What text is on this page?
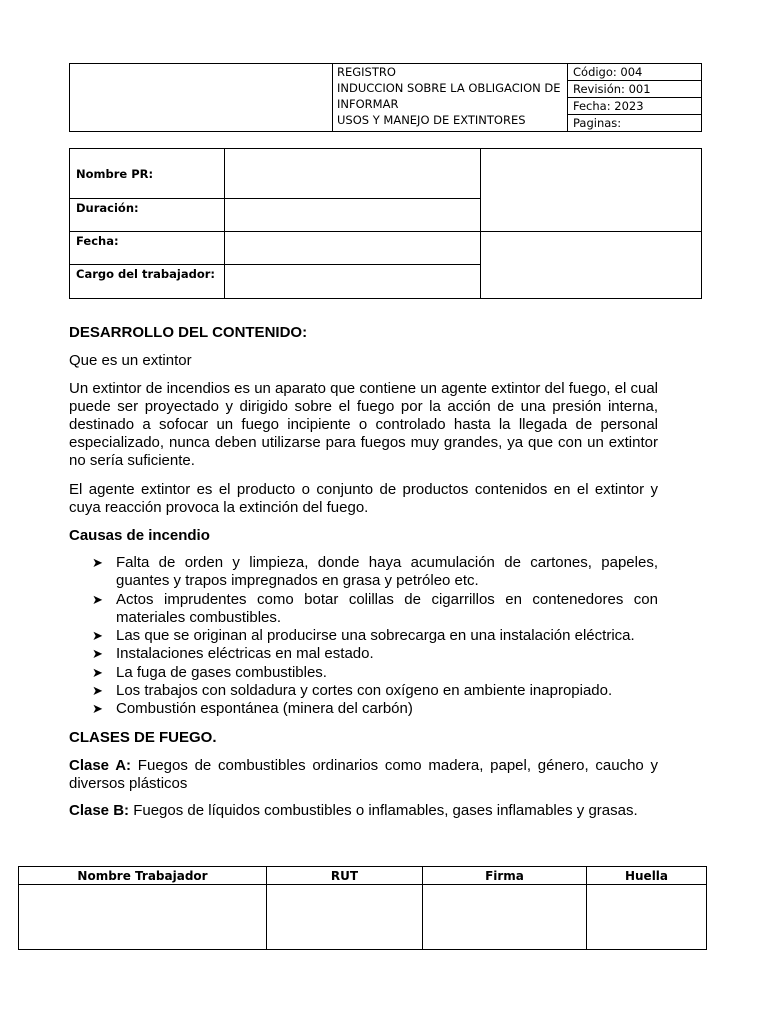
REGISTRO
INDUCCION SOBRE LA OBLIGACION DE
INFORMAR
USOS Y MANEJO DE EXTINTORES
	Código: 004
Revisión: 001
Fecha: 2023
Paginas:
Nombre PR:		
Duración:		
Fecha:		
Cargo del trabajador:		
DESARROLLO DEL CONTENIDO:
Que es un extintor
Un extintor de incendios es un aparato que contiene un agente extintor del fuego, el cual puede ser proyectado y dirigido sobre el fuego por la acción de una presión interna, destinado a sofocar un fuego incipiente o controlado hasta la llegada de personal especializado, nunca deben utilizarse para fuegos muy grandes, ya que con un extintor no sería suficiente.
El agente extintor es el producto o conjunto de productos contenidos en el extintor y cuya reacción provoca la extinción del fuego.
Causas de incendio
➤ Falta de orden y limpieza, donde haya acumulación de cartones, papeles, guantes y trapos impregnados en grasa y petróleo etc.
➤ Actos imprudentes como botar colillas de cigarrillos en contenedores con materiales combustibles.
➤ Las que se originan al producirse una sobrecarga en una instalación eléctrica.
➤ Instalaciones eléctricas en mal estado.
➤ La fuga de gases combustibles.
➤ Los trabajos con soldadura y cortes con oxígeno en ambiente inapropiado.
➤ Combustión espontánea (minera del carbón)
CLASES DE FUEGO.
Clase A: Fuegos de combustibles ordinarios como madera, papel, género, caucho y diversos plásticos
Clase B: Fuegos de líquidos combustibles o inflamables, gases inflamables y grasas.
Nombre Trabajador	RUT	Firma	Huella
